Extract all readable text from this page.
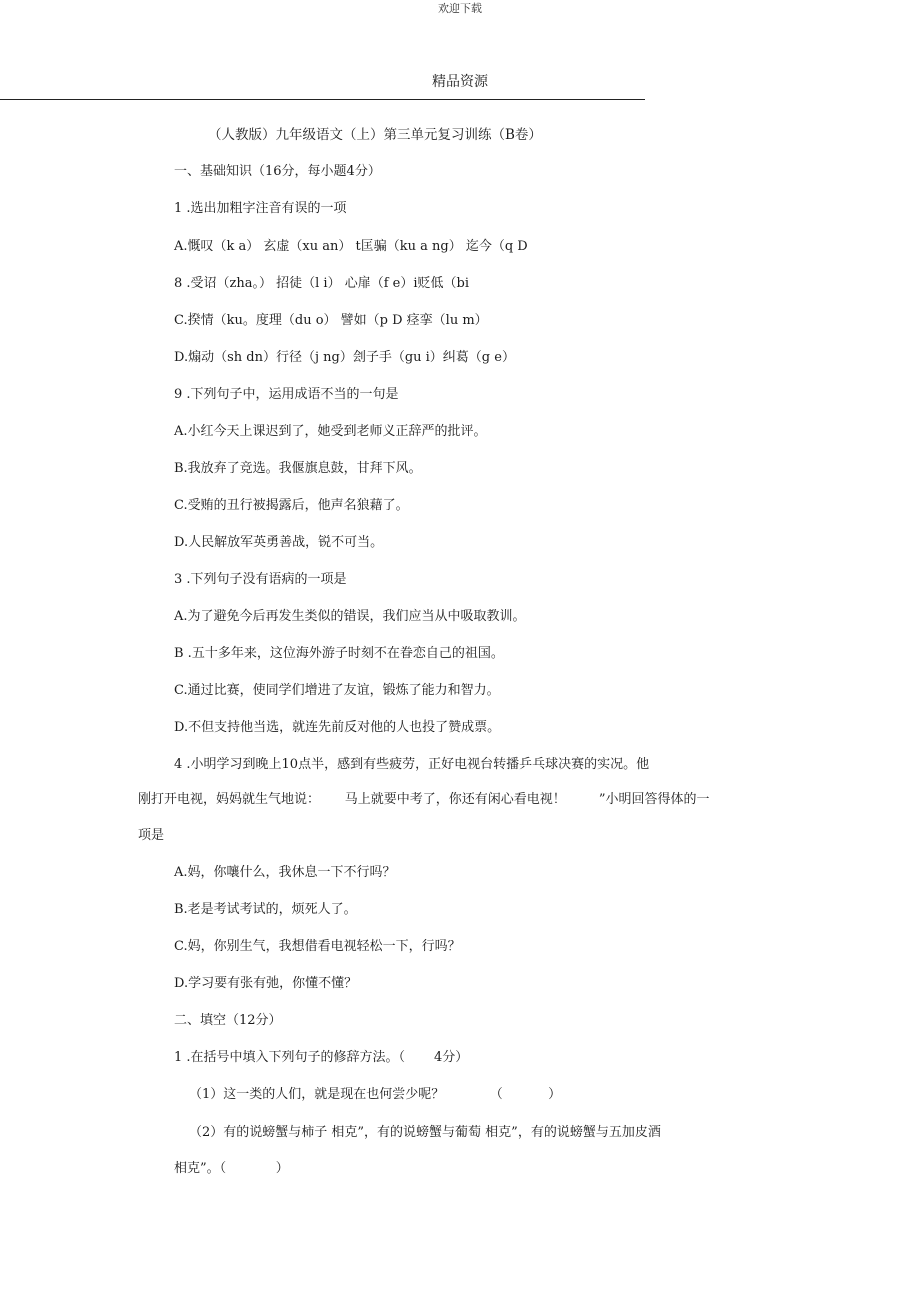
欢迎下载
精品资源
（人教版）九年级语文（上）第三单元复习训练（B卷）
一、基础知识（16分，每小题4分）
1 .选出加粗字注音有误的一项
A.慨叹（k a） 玄虚（xu an） t匡骗（ku a ng） 迄今（q D
8 .受诏（zha。） 招徒（l i） 心扉（f e）i贬低（bi
C.揆情（ku。度理（du o） 譬如（p D 痉挛（lu m）
D.煽动（sh dn）行径（j ng）刽子手（gu i）纠葛（g e）
9 .下列句子中，运用成语不当的一句是
A.小红今天上课迟到了，她受到老师义正辞严的批评。
B.我放弃了竞选。我偃旗息鼓，甘拜下风。
C.受贿的丑行被揭露后，他声名狼藉了。
D.人民解放军英勇善战，锐不可当。
3 .下列句子没有语病的一项是
A.为了避免今后再发生类似的错误，我们应当从中吸取教训。
B .五十多年来，这位海外游子时刻不在眷恋自己的祖国。
C.通过比赛，使同学们增进了友谊，锻炼了能力和智力。
D.不但支持他当选，就连先前反对他的人也投了赞成票。
4 .小明学习到晚上10点半，感到有些疲劳，正好电视台转播乒乓球决赛的实况。他
刚打开电视，妈妈就生气地说：      马上就要中考了，你还有闲心看电视！        ”小明回答得体的一
项是
A.妈，你嚷什么，我休息一下不行吗？
B.老是考试考试的，烦死人了。
C.妈，你别生气，我想借看电视轻松一下，行吗？
D.学习要有张有弛，你懂不懂？
二、填空（12分）
1 .在括号中填入下列句子的修辞方法。（       4分）
（1）这一类的人们，就是现在也何尝少呢？           （           ）
（2）有的说螃蟹与柿子 相克”，有的说螃蟹与葡萄 相克”，有的说螃蟹与五加皮酒
相克”。（            ）
